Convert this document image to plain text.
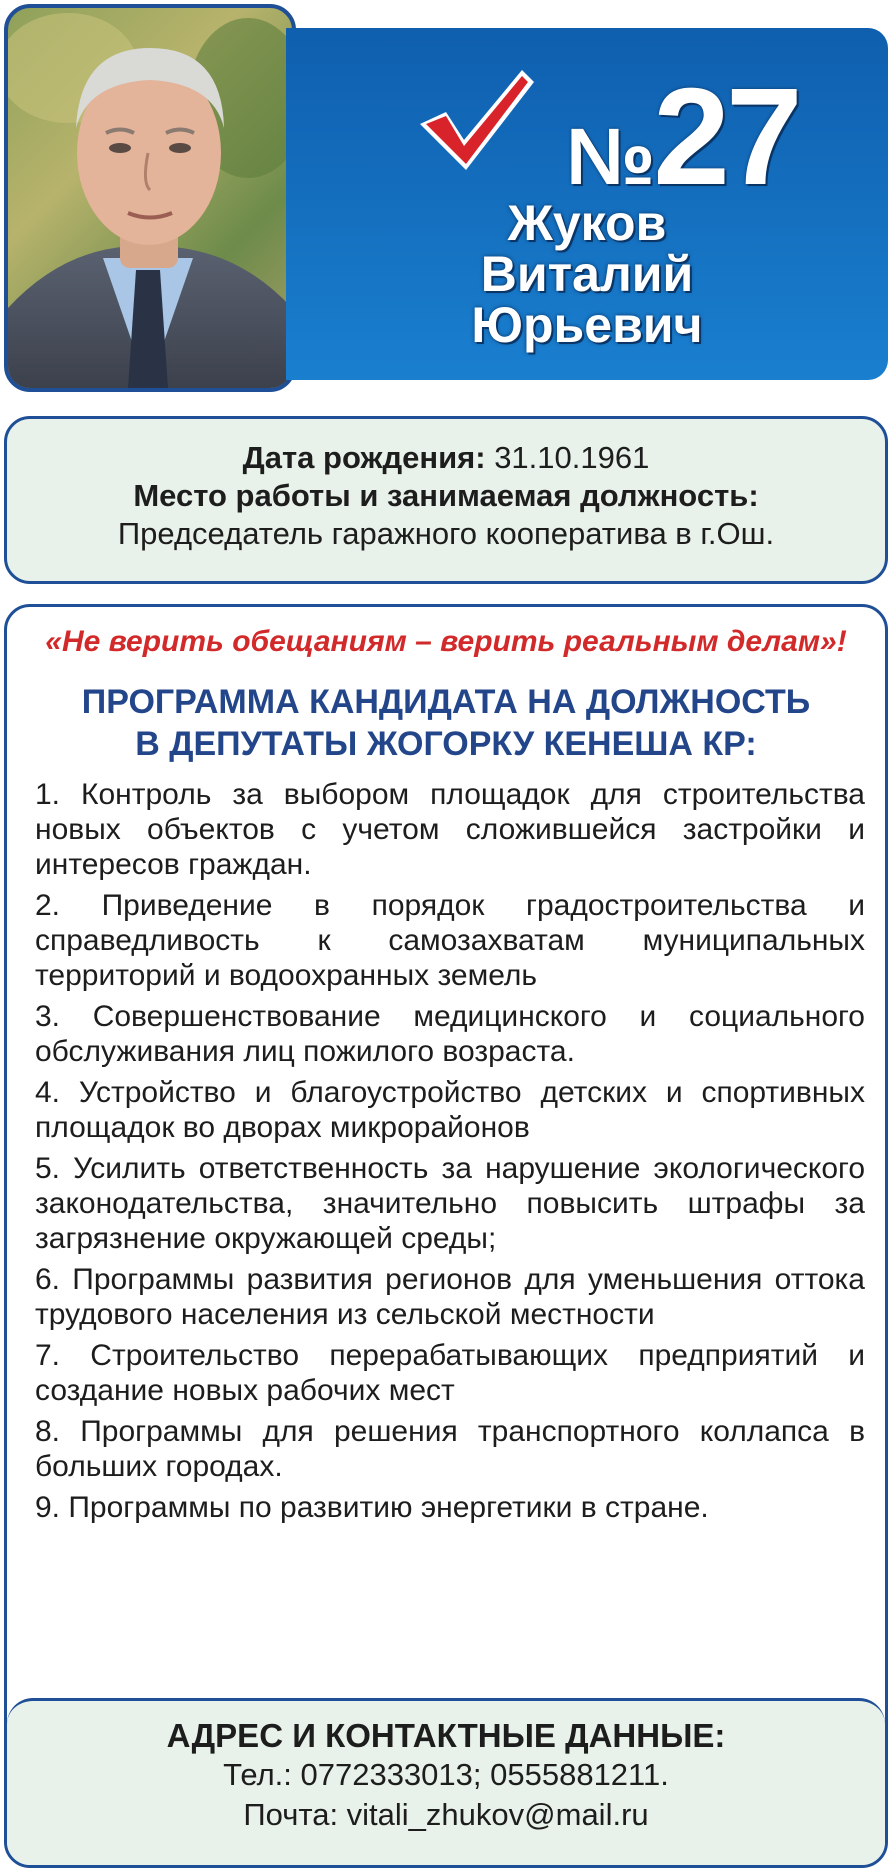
№ 27
Жуков
Виталий
Юрьевич
Дата рождения: 31.10.1961
Место работы и занимаемая должность:
Председатель гаражного кооператива в г.Ош.
«Не верить обещаниям – верить реальным делам»!
ПРОГРАММА КАНДИДАТА НА ДОЛЖНОСТЬ
В ДЕПУТАТЫ ЖОГОРКУ КЕНЕША КР:
1. Контроль за выбором площадок для строительства новых объектов с учетом сложившейся застройки и интересов граждан.
2. Приведение в порядок градостроительства и справедливость к самозахватам муниципальных территорий и водоохранных земель
3. Совершенствование медицинского и социального обслуживания лиц пожилого возраста.
4. Устройство и благоустройство детских и спортивных площадок во дворах микрорайонов
5. Усилить ответственность за нарушение экологического законодательства, значительно повысить штрафы за загрязнение окружающей среды;
6. Программы развития регионов для уменьшения оттока трудового населения из сельской местности
7. Строительство перерабатывающих предприятий и создание новых рабочих мест
8. Программы для решения транспортного коллапса в больших городах.
9. Программы по развитию энергетики в стране.
АДРЕС И КОНТАКТНЫЕ ДАННЫЕ:
Тел.: 0772333013; 0555881211.
Почта: vitali_zhukov@mail.ru
